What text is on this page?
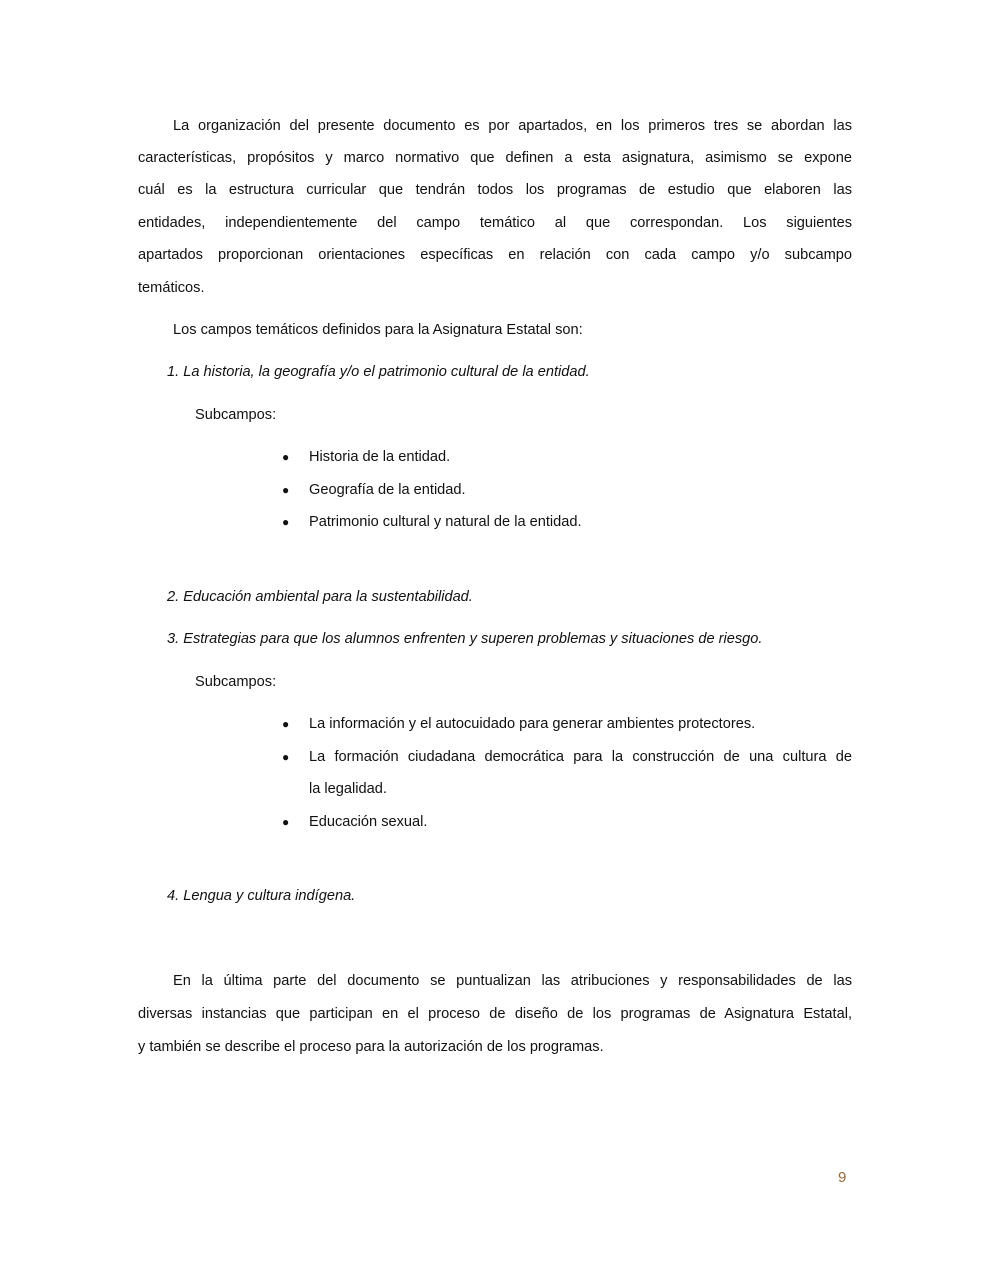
La organización del presente documento es por apartados, en los primeros tres se abordan las
características, propósitos y marco normativo que definen a esta asignatura, asimismo se expone
cuál es la estructura curricular que tendrán todos los programas de estudio que elaboren las
entidades, independientemente del campo temático al que correspondan. Los siguientes
apartados proporcionan orientaciones específicas en relación con cada campo y/o subcampo
temáticos.
Los campos temáticos definidos para la Asignatura Estatal son:
1. La historia, la geografía y/o el patrimonio cultural de la entidad.
Subcampos:
● Historia de la entidad.
● Geografía de la entidad.
● Patrimonio cultural y natural de la entidad.
2. Educación ambiental para la sustentabilidad.
3. Estrategias para que los alumnos enfrenten y superen problemas y situaciones de riesgo.
Subcampos:
● La información y el autocuidado para generar ambientes protectores.
● La formación ciudadana democrática para la construcción de una cultura de
la legalidad.
● Educación sexual.
4. Lengua y cultura indígena.
En la última parte del documento se puntualizan las atribuciones y responsabilidades de las
diversas instancias que participan en el proceso de diseño de los programas de Asignatura Estatal,
y también se describe el proceso para la autorización de los programas.
9
